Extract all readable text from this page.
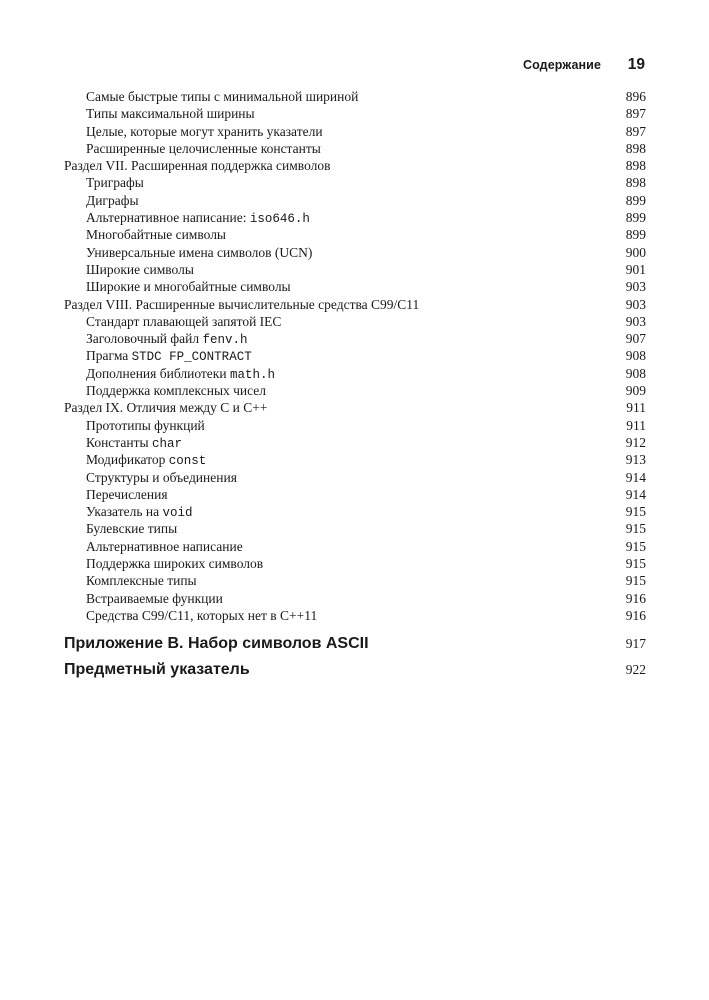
Содержание 19
Самые быстрые типы с минимальной шириной	896
Типы максимальной ширины	897
Целые, которые могут хранить указатели	897
Расширенные целочисленные константы	898
Раздел VII. Расширенная поддержка символов	898
Триграфы	898
Диграфы	899
Альтернативное написание: iso646.h	899
Многобайтные символы	899
Универсальные имена символов (UCN)	900
Широкие символы	901
Широкие и многобайтные символы	903
Раздел VIII. Расширенные вычислительные средства C99/C11	903
Стандарт плавающей запятой IEC	903
Заголовочный файл fenv.h	907
Прагма STDC FP_CONTRACT	908
Дополнения библиотеки math.h	908
Поддержка комплексных чисел	909
Раздел IX. Отличия между C и C++	911
Прототипы функций	911
Константы char	912
Модификатор const	913
Структуры и объединения	914
Перечисления	914
Указатель на void	915
Булевские типы	915
Альтернативное написание	915
Поддержка широких символов	915
Комплексные типы	915
Встраиваемые функции	916
Средства C99/C11, которых нет в C++11	916
Приложение B. Набор символов ASCII	917
Предметный указатель	922
